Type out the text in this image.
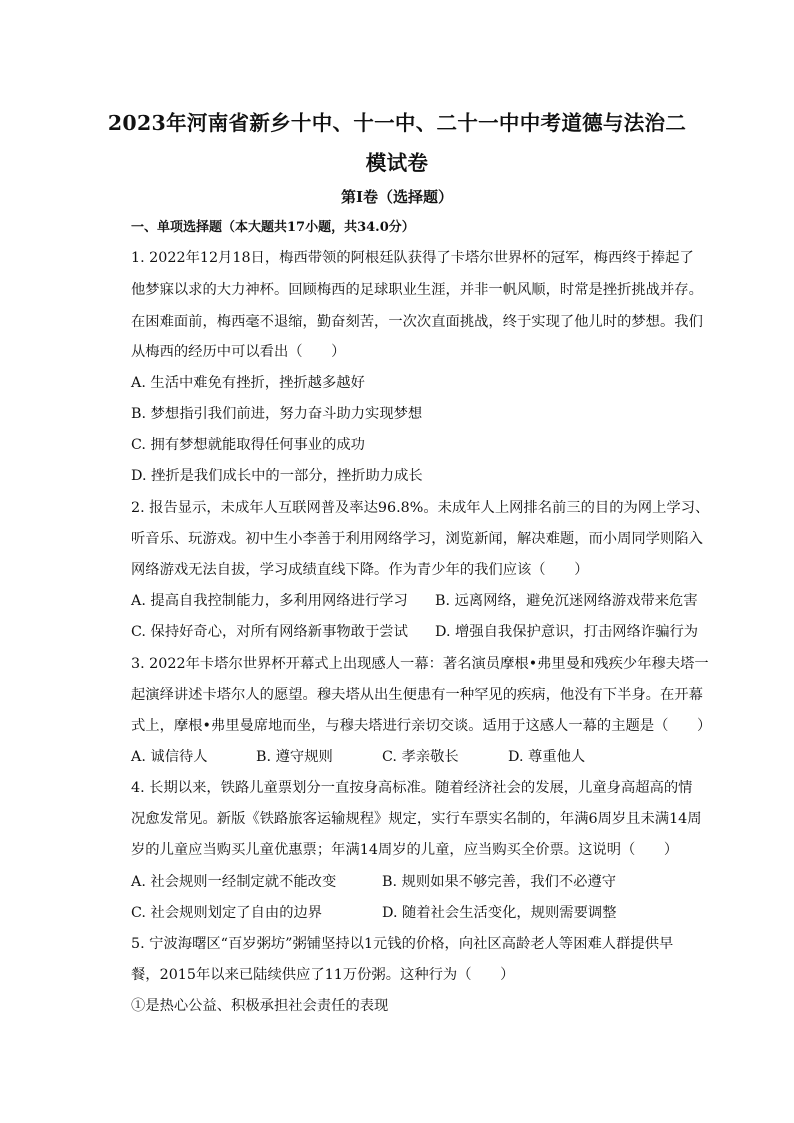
2023年河南省新乡十中、十一中、二十一中中考道德与法治二
模试卷
第I卷（选择题）
一、单项选择题（本大题共17小题，共34.0分）
1. 2022年12月18日，梅西带领的阿根廷队获得了卡塔尔世界杯的冠军，梅西终于捧起了
他梦寐以求的大力神杯。回顾梅西的足球职业生涯，并非一帆风顺，时常是挫折挑战并存。
在困难面前，梅西毫不退缩，勤奋刻苦，一次次直面挑战，终于实现了他儿时的梦想。我们
从梅西的经历中可以看出（　　）
A. 生活中难免有挫折，挫折越多越好
B. 梦想指引我们前进，努力奋斗助力实现梦想
C. 拥有梦想就能取得任何事业的成功
D. 挫折是我们成长中的一部分，挫折助力成长
2. 报告显示，未成年人互联网普及率达96.8%。未成年人上网排名前三的目的为网上学习、
听音乐、玩游戏。初中生小李善于利用网络学习，浏览新闻，解决难题，而小周同学则陷入
网络游戏无法自拔，学习成绩直线下降。作为青少年的我们应该（　　）
A. 提高自我控制能力，多利用网络进行学习 B. 远离网络，避免沉迷网络游戏带来危害
C. 保持好奇心，对所有网络新事物敢于尝试 D. 增强自我保护意识，打击网络诈骗行为
3. 2022年卡塔尔世界杯开幕式上出现感人一幕：著名演员摩根•弗里曼和残疾少年穆夫塔一
起演绎讲述卡塔尔人的愿望。穆夫塔从出生便患有一种罕见的疾病，他没有下半身。在开幕
式上，摩根•弗里曼席地而坐，与穆夫塔进行亲切交谈。适用于这感人一幕的主题是（　　）
A. 诚信待人	B. 遵守规则	C. 孝亲敬长	D. 尊重他人
4. 长期以来，铁路儿童票划分一直按身高标准。随着经济社会的发展，儿童身高超高的情
况愈发常见。新版《铁路旅客运输规程》规定，实行车票实名制的，年满6周岁且未满14周
岁的儿童应当购买儿童优惠票；年满14周岁的儿童，应当购买全价票。这说明（　　）
A. 社会规则一经制定就不能改变	B. 规则如果不够完善，我们不必遵守
C. 社会规则划定了自由的边界	D. 随着社会生活变化，规则需要调整
5. 宁波海曙区“百岁粥坊”粥铺坚持以1元钱的价格，向社区高龄老人等困难人群提供早
餐，2015年以来已陆续供应了11万份粥。这种行为（　　）
①是热心公益、积极承担社会责任的表现
